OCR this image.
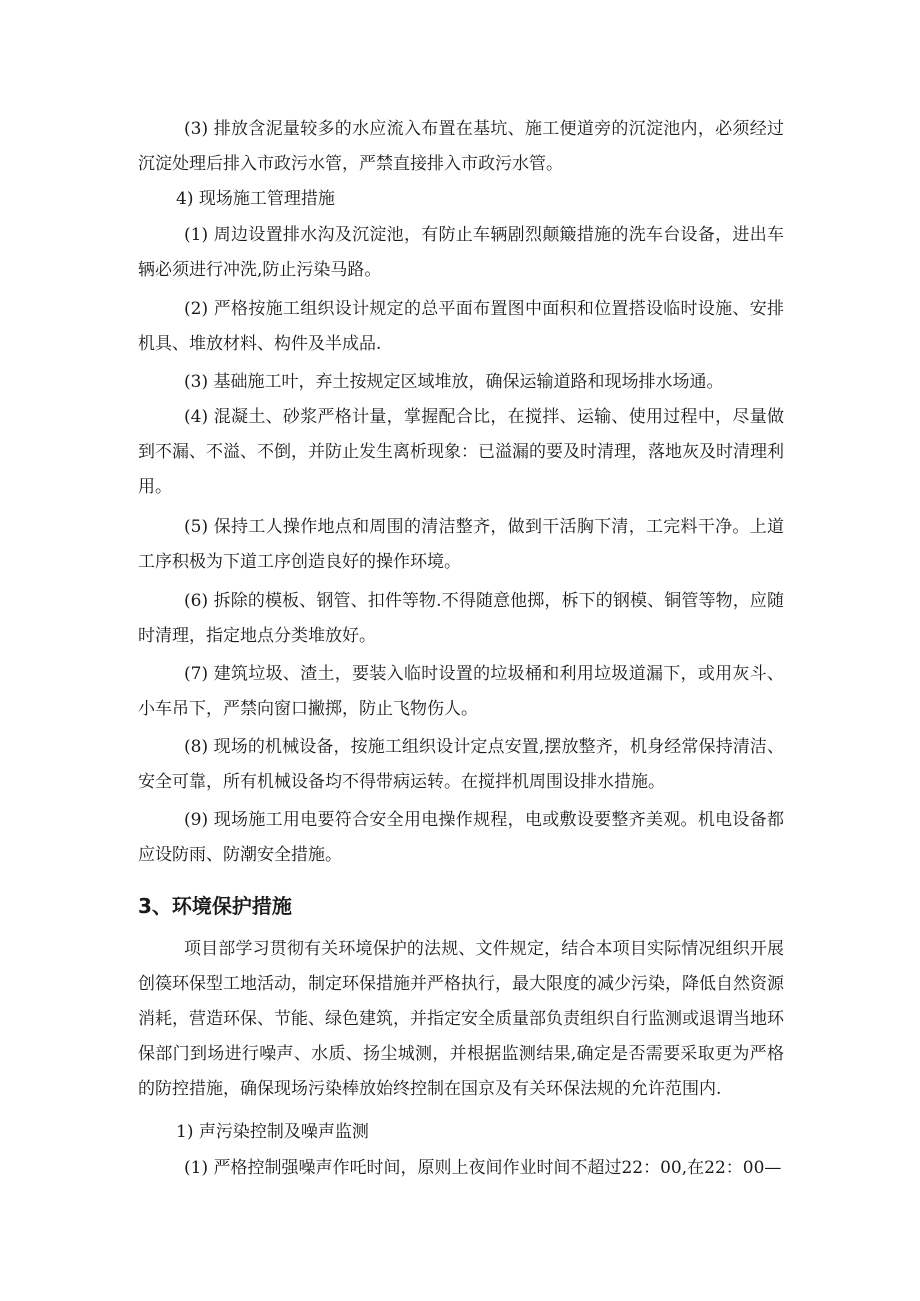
(3) 排放含泥量较多的水应流入布置在基坑、施工便道旁的沉淀池内，必须经过沉淀处理后排入市政污水管，严禁直接排入市政污水管。

4) 现场施工管理措施

(1) 周边设置排水沟及沉淀池，有防止车辆剧烈颠簸措施的洗车台设备，进出车辆必须进行冲洗,防止污染马路。

(2) 严格按施工组织设计规定的总平面布置图中面积和位置搭设临时设施、安排机具、堆放材料、构件及半成品.

(3) 基础施工叶，弃土按规定区域堆放，确保运输道路和现场排水场通。

(4) 混凝土、砂浆严格计量，掌握配合比，在搅拌、运输、使用过程中，尽量做到不漏、不溢、不倒，并防止发生离析现象：已溢漏的要及时清理，落地灰及时清理利用。

(5) 保持工人操作地点和周围的清洁整齐，做到干活胸下清，工完料干净。上道工序积极为下道工序创造良好的操作环境。

(6) 拆除的模板、钢管、扣件等物.不得随意他掷，柝下的钢模、铜管等物，应随时清理，指定地点分类堆放好。

(7) 建筑垃圾、渣土，要装入临时设置的垃圾桶和利用垃圾道漏下，或用灰斗、小车吊下，严禁向窗口撇掷，防止飞物伤人。

(8) 现场的机械设备，按施工组织设计定点安置,摆放整齐，机身经常保持清洁、安全可靠，所有机械设备均不得带病运转。在搅拌机周围设排水措施。

(9) 现场施工用电要符合安全用电操作规程，电或敷设要整齐美观。机电设备都应设防雨、防潮安全措施。

3、环境保护措施

项目部学习贯彻有关环境保护的法规、文件规定，结合本项目实际情况组织开展创篌环保型工地活动，制定环保措施并严格执行，最大限度的减少污染，降低自然资源消耗，营造环保、节能、绿色建筑，并指定安全质量部负责组织自行监测或退谓当地环保部门到场进行噪声、水质、扬尘城测，并根据监测结果,确定是否需要采取更为严格的防控措施，确保现场污染棒放始终控制在国京及有关环保法规的允许范围内.

1) 声污染控制及噪声监测

(1) 严格控制强噪声作吒时间，原则上夜间作业时间不超过22：00,在22：00—
